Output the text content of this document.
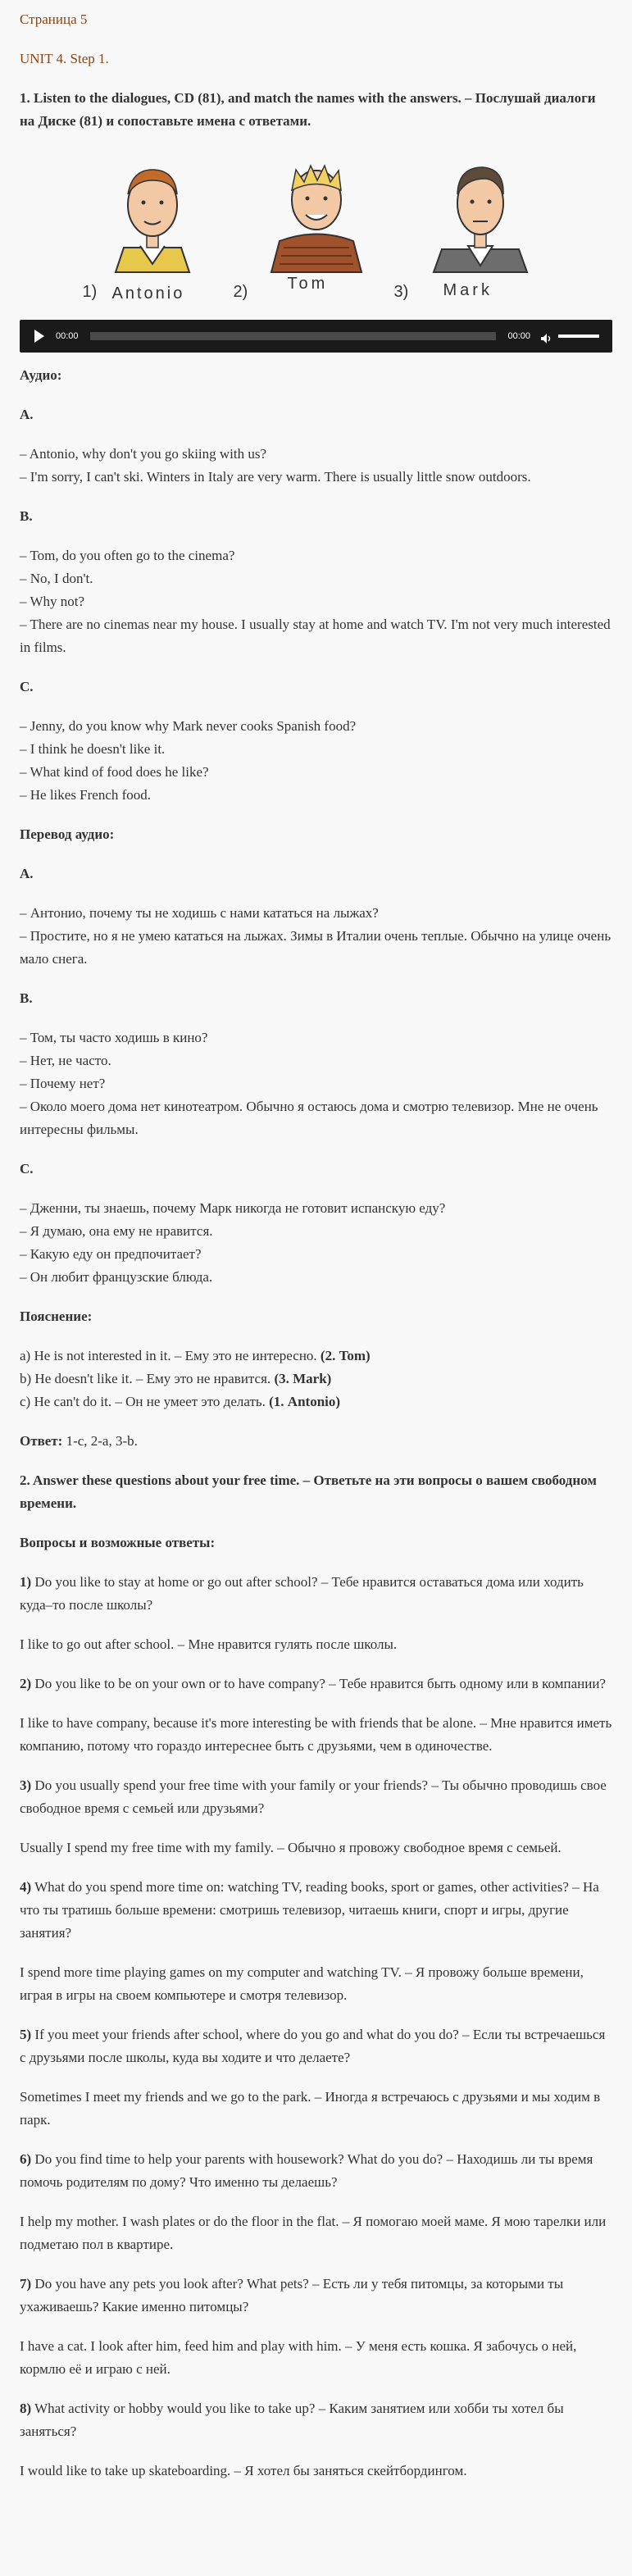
Страница 5

UNIT 4. Step 1.

1. Listen to the dialogues, CD (81), and match the names with the answers. – Послушай диалоги на Диске (81) и сопоставьте имена с ответами.

1) Antonio	2) Tom	3) Mark
00:00	00:00

Аудио:

A.

– Antonio, why don't you go skiing with us?
– I'm sorry, I can't ski. Winters in Italy are very warm. There is usually little snow outdoors.

B.

– Tom, do you often go to the cinema?
– No, I don't.
– Why not?
– There are no cinemas near my house. I usually stay at home and watch TV. I'm not very much interested in films.

C.

– Jenny, do you know why Mark never cooks Spanish food?
– I think he doesn't like it.
– What kind of food does he like?
– He likes French food.

Перевод аудио:

A.

– Антонио, почему ты не ходишь с нами кататься на лыжах?
– Простите, но я не умею кататься на лыжах. Зимы в Италии очень теплые. Обычно на улице очень мало снега.

B.

– Том, ты часто ходишь в кино?
– Нет, не часто.
– Почему нет?
– Около моего дома нет кинотеатром. Обычно я остаюсь дома и смотрю телевизор. Мне не очень интересны фильмы.

C.

– Дженни, ты знаешь, почему Марк никогда не готовит испанскую еду?
– Я думаю, она ему не нравится.
– Какую еду он предпочитает?
– Он любит французские блюда.

Пояснение:

a) He is not interested in it. – Ему это не интересно. (2. Tom)
b) He doesn't like it. – Ему это не нравится. (3. Mark)
c) He can't do it. – Он не умеет это делать. (1. Antonio)

Ответ: 1-c, 2-a, 3-b.

2. Answer these questions about your free time. – Ответьте на эти вопросы о вашем свободном времени.

Вопросы и возможные ответы:

1) Do you like to stay at home or go out after school? – Тебе нравится оставаться дома или ходить куда–то после школы?

I like to go out after school. – Мне нравится гулять после школы.

2) Do you like to be on your own or to have company? – Тебе нравится быть одному или в компании?

I like to have company, because it's more interesting be with friends that be alone. – Мне нравится иметь компанию, потому что гораздо интереснее быть с друзьями, чем в одиночестве.

3) Do you usually spend your free time with your family or your friends? – Ты обычно проводишь свое свободное время с семьей или друзьями?

Usually I spend my free time with my family. – Обычно я провожу свободное время с семьей.

4) What do you spend more time on: watching TV, reading books, sport or games, other activities? – На что ты тратишь больше времени: смотришь телевизор, читаешь книги, спорт и игры, другие занятия?

I spend more time playing games on my computer and watching TV. – Я провожу больше времени, играя в игры на своем компьютере и смотря телевизор.

5) If you meet your friends after school, where do you go and what do you do? – Если ты встречаешься с друзьями после школы, куда вы ходите и что делаете?

Sometimes I meet my friends and we go to the park. – Иногда я встречаюсь с друзьями и мы ходим в парк.

6) Do you find time to help your parents with housework? What do you do? – Находишь ли ты время помочь родителям по дому? Что именно ты делаешь?

I help my mother. I wash plates or do the floor in the flat. – Я помогаю моей маме. Я мою тарелки или подметаю пол в квартире.

7) Do you have any pets you look after? What pets? – Есть ли у тебя питомцы, за которыми ты ухаживаешь? Какие именно питомцы?

I have a cat. I look after him, feed him and play with him. – У меня есть кошка. Я забочусь о ней, кормлю её и играю с ней.

8) What activity or hobby would you like to take up? – Каким занятием или хобби ты хотел бы заняться?

I would like to take up skateboarding. – Я хотел бы заняться скейтбордингом.
